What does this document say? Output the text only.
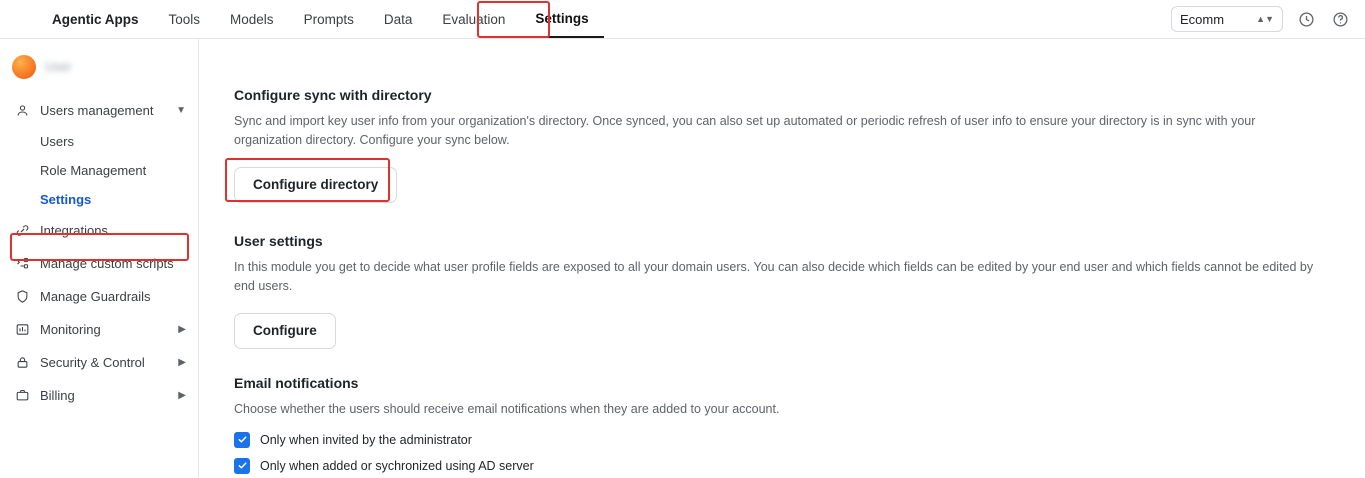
Agentic Apps Tools Models Prompts Data Evaluation Settings	Ecomm	▲▼
User
Users management	▼
Users
Role Management
Settings
Integrations
Manage custom scripts
Manage Guardrails
Monitoring	▶
Security & Control	▶
Billing	▶
Configure sync with directory
Sync and import key user info from your organization's directory. Once synced, you can also set up automated or periodic refresh of user info to ensure your directory is in sync with your organization directory. Configure your sync below.
Configure directory
User settings
In this module you get to decide what user profile fields are exposed to all your domain users. You can also decide which fields can be edited by your end user and which fields cannot be edited by end users.
Configure
Email notifications
Choose whether the users should receive email notifications when they are added to your account.
Only when invited by the administrator
Only when added or sychronized using AD server
